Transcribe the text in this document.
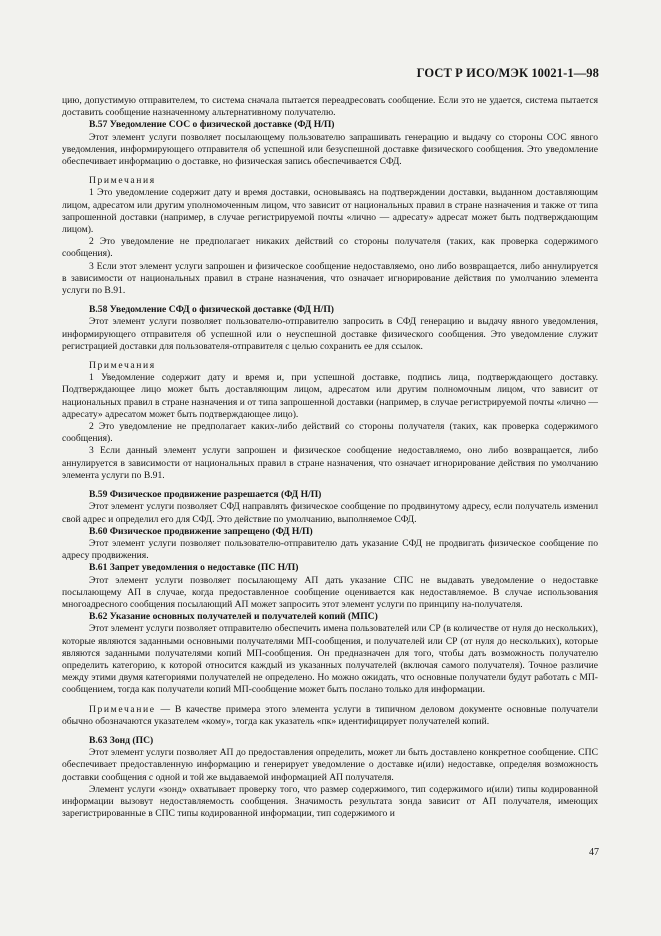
ГОСТ Р ИСО/МЭК 10021-1—98

цию, допустимую отправителем, то система сначала пытается переадресовать сообщение. Если это не удается, система пытается доставить сообщение назначенному альтернативному получателю.

В.57 Уведомление СОС о физической доставке (ФД Н/П)

Этот элемент услуги позволяет посылающему пользователю запрашивать генерацию и выдачу со стороны СОС явного уведомления, информирующего отправителя об успешной или безуспешной доставке физического сообщения. Это уведомление обеспечивает информацию о доставке, но физическая запись обеспечивается СФД.

Примечания

1 Это уведомление содержит дату и время доставки, основываясь на подтверждении доставки, выданном доставляющим лицом, адресатом или другим уполномоченным лицом, что зависит от национальных правил в стране назначения и также от типа запрошенной доставки (например, в случае регистрируемой почты «лично — адресату» адресат может быть подтверждающим лицом).

2 Это уведомление не предполагает никаких действий со стороны получателя (таких, как проверка содержимого сообщения).

3 Если этот элемент услуги запрошен и физическое сообщение недоставляемо, оно либо возвращается, либо аннулируется в зависимости от национальных правил в стране назначения, что означает игнорирование действия по умолчанию элемента услуги по В.91.

В.58 Уведомление СФД о физической доставке (ФД Н/П)

Этот элемент услуги позволяет пользователю-отправителю запросить в СФД генерацию и выдачу явного уведомления, информирующего отправителя об успешной или о неуспешной доставке физического сообщения. Это уведомление служит регистрацией доставки для пользователя-отправителя с целью сохранить ее для ссылок.

Примечания

1 Уведомление содержит дату и время и, при успешной доставке, подпись лица, подтверждающего доставку. Подтверждающее лицо может быть доставляющим лицом, адресатом или другим полномочным лицом, что зависит от национальных правил в стране назначения и от типа запрошенной доставки (например, в случае регистрируемой почты «лично — адресату» адресатом может быть подтверждающее лицо).

2 Это уведомление не предполагает каких-либо действий со стороны получателя (таких, как проверка содержимого сообщения).

3 Если данный элемент услуги запрошен и физическое сообщение недоставляемо, оно либо возвращается, либо аннулируется в зависимости от национальных правил в стране назначения, что означает игнорирование действия по умолчанию элемента услуги по В.91.

В.59 Физическое продвижение разрешается (ФД Н/П)

Этот элемент услуги позволяет СФД направлять физическое сообщение по продвинутому адресу, если получатель изменил свой адрес и определил его для СФД. Это действие по умолчанию, выполняемое СФД.

В.60 Физическое продвижение запрещено (ФД Н/П)

Этот элемент услуги позволяет пользователю-отправителю дать указание СФД не продвигать физическое сообщение по адресу продвижения.

В.61 Запрет уведомления о недоставке (ПС Н/П)

Этот элемент услуги позволяет посылающему АП дать указание СПС не выдавать уведомление о недоставке посылающему АП в случае, когда предоставленное сообщение оценивается как недоставляемое. В случае использования многоадресного сообщения посылающий АП может запросить этот элемент услуги по принципу на-получателя.

В.62 Указание основных получателей и получателей копий (МПС)

Этот элемент услуги позволяет отправителю обеспечить имена пользователей или СР (в количестве от нуля до нескольких), которые являются заданными основными получателями МП-сообщения, и получателей или СР (от нуля до нескольких), которые являются заданными получателями копий МП-сообщения. Он предназначен для того, чтобы дать возможность получателю определить категорию, к которой относится каждый из указанных получателей (включая самого получателя). Точное различие между этими двумя категориями получателей не определено. Но можно ожидать, что основные получатели будут работать с МП-сообщением, тогда как получатели копий МП-сообщение может быть послано только для информации.

Примечание — В качестве примера этого элемента услуги в типичном деловом документе основные получатели обычно обозначаются указателем «кому», тогда как указатель «пк» идентифицирует получателей копий.

В.63 Зонд (ПС)

Этот элемент услуги позволяет АП до предоставления определить, может ли быть доставлено конкретное сообщение. СПС обеспечивает предоставленную информацию и генерирует уведомление о доставке и(или) недоставке, определяя возможность доставки сообщения с одной и той же выдаваемой информацией АП получателя.

Элемент услуги «зонд» охватывает проверку того, что размер содержимого, тип содержимого и(или) типы кодированной информации вызовут недоставляемость сообщения. Значимость результата зонда зависит от АП получателя, имеющих зарегистрированные в СПС типы кодированной информации, тип содержимого и

47
